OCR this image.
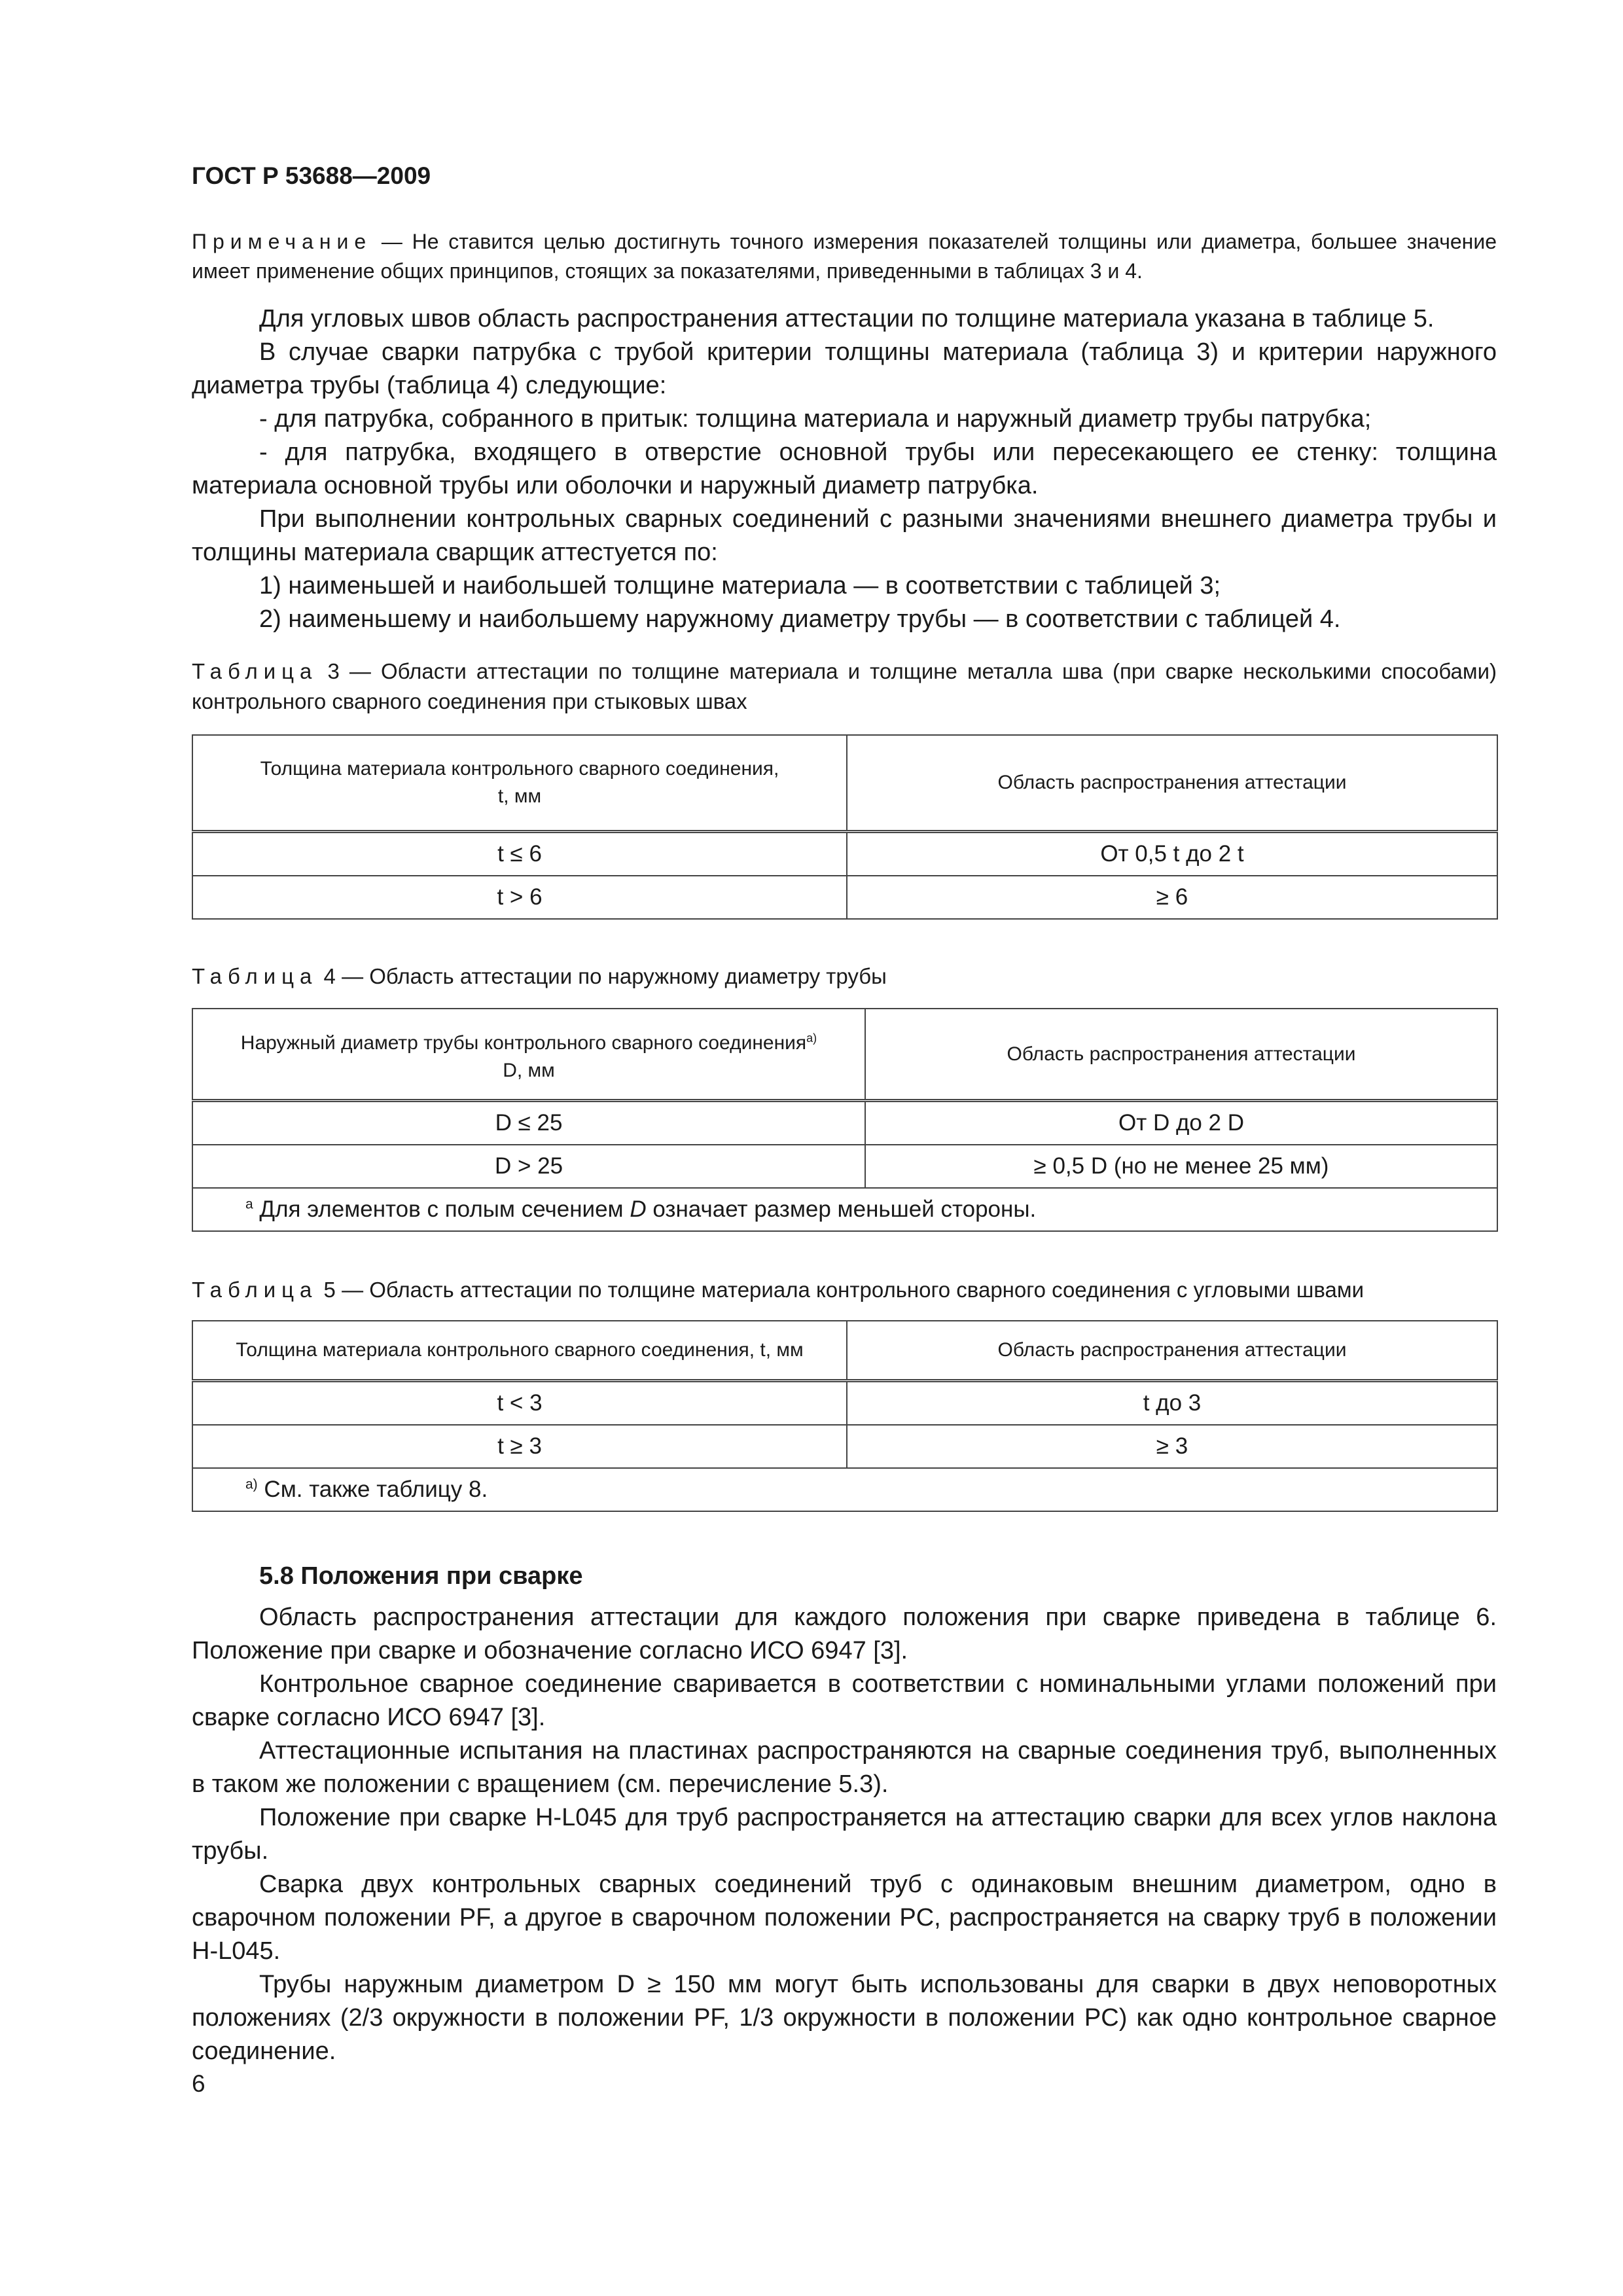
ГОСТ Р 53688—2009

Примечание — Не ставится целью достигнуть точного измерения показателей толщины или диаметра, большее значение имеет применение общих принципов, стоящих за показателями, приведенными в таблицах 3 и 4.

Для угловых швов область распространения аттестации по толщине материала указана в таблице 5.

В случае сварки патрубка с трубой критерии толщины материала (таблица 3) и критерии наружного диаметра трубы (таблица 4) следующие:

- для патрубка, собранного в притык: толщина материала и наружный диаметр трубы патрубка;

- для патрубка, входящего в отверстие основной трубы или пересекающего ее стенку: толщина материала основной трубы или оболочки и наружный диаметр патрубка.

При выполнении контрольных сварных соединений с разными значениями внешнего диаметра трубы и толщины материала сварщик аттестуется по:

1) наименьшей и наибольшей толщине материала — в соответствии с таблицей 3;

2) наименьшему и наибольшему наружному диаметру трубы — в соответствии с таблицей 4.

Таблица 3 — Области аттестации по толщине материала и толщине металла шва (при сварке несколькими способами) контрольного сварного соединения при стыковых швах

Толщина материала контрольного сварного соединения,
t, мм	Область распространения аттестации
t ≤ 6	От 0,5 t до 2 t
t > 6	≥ 6

Таблица 4 — Область аттестации по наружному диаметру трубы

Наружный диаметр трубы контрольного сварного соединения$^{а)}$
D, мм	Область распространения аттестации
D ≤ 25	От D до 2 D
D > 25	≥ 0,5 D (но не менее 25 мм)
$^а$ Для элементов с полым сечением D означает размер меньшей стороны.	

Таблица 5 — Область аттестации по толщине материала контрольного сварного соединения с угловыми швами

Толщина материала контрольного сварного соединения, t, мм	Область распространения аттестации
t < 3	t до 3
t ≥ 3	≥ 3
$^{а)}$ См. также таблицу 8.	
5.8 Положения при сварке

Область распространения аттестации для каждого положения при сварке приведена в таблице 6. Положение при сварке и обозначение согласно ИСО 6947 [3].

Контрольное сварное соединение сваривается в соответствии с номинальными углами положений при сварке согласно ИСО 6947 [3].

Аттестационные испытания на пластинах распространяются на сварные соединения труб, выполненных в таком же положении с вращением (см. перечисление 5.3).

Положение при сварке H-L045 для труб распространяется на аттестацию сварки для всех углов наклона трубы.

Сварка двух контрольных сварных соединений труб с одинаковым внешним диаметром, одно в сварочном положении PF, а другое в сварочном положении PC, распространяется на сварку труб в положении H-L045.

Трубы наружным диаметром D ≥ 150 мм могут быть использованы для сварки в двух неповоротных положениях (2/3 окружности в положении PF, 1/3 окружности в положении PC) как одно контрольное сварное соединение.

6
